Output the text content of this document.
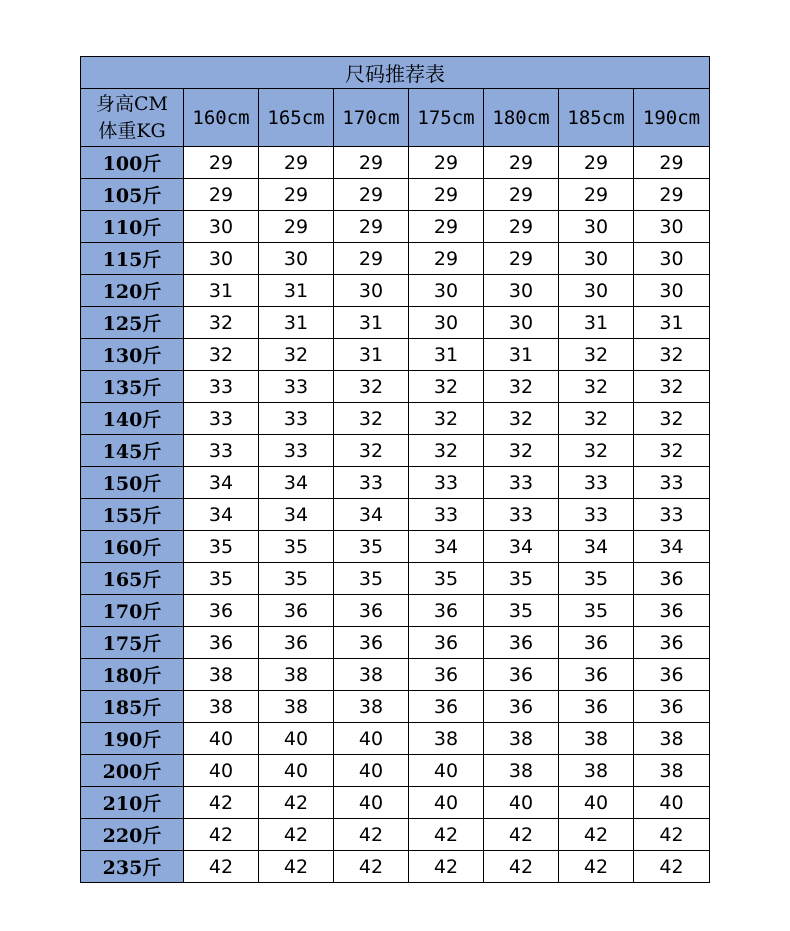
尺码推荐表							

身高CM
体重KG	160cm	165cm	170cm	175cm	180cm	185cm	190cm
100斤	29	29	29	29	29	29	29
105斤	29	29	29	29	29	29	29
110斤	30	29	29	29	29	30	30
115斤	30	30	29	29	29	30	30
120斤	31	31	30	30	30	30	30
125斤	32	31	31	30	30	31	31
130斤	32	32	31	31	31	32	32
135斤	33	33	32	32	32	32	32
140斤	33	33	32	32	32	32	32
145斤	33	33	32	32	32	32	32
150斤	34	34	33	33	33	33	33
155斤	34	34	34	33	33	33	33
160斤	35	35	35	34	34	34	34
165斤	35	35	35	35	35	35	36
170斤	36	36	36	36	35	35	36
175斤	36	36	36	36	36	36	36
180斤	38	38	38	36	36	36	36
185斤	38	38	38	36	36	36	36
190斤	40	40	40	38	38	38	38
200斤	40	40	40	40	38	38	38
210斤	42	42	40	40	40	40	40
220斤	42	42	42	42	42	42	42
235斤	42	42	42	42	42	42	42
